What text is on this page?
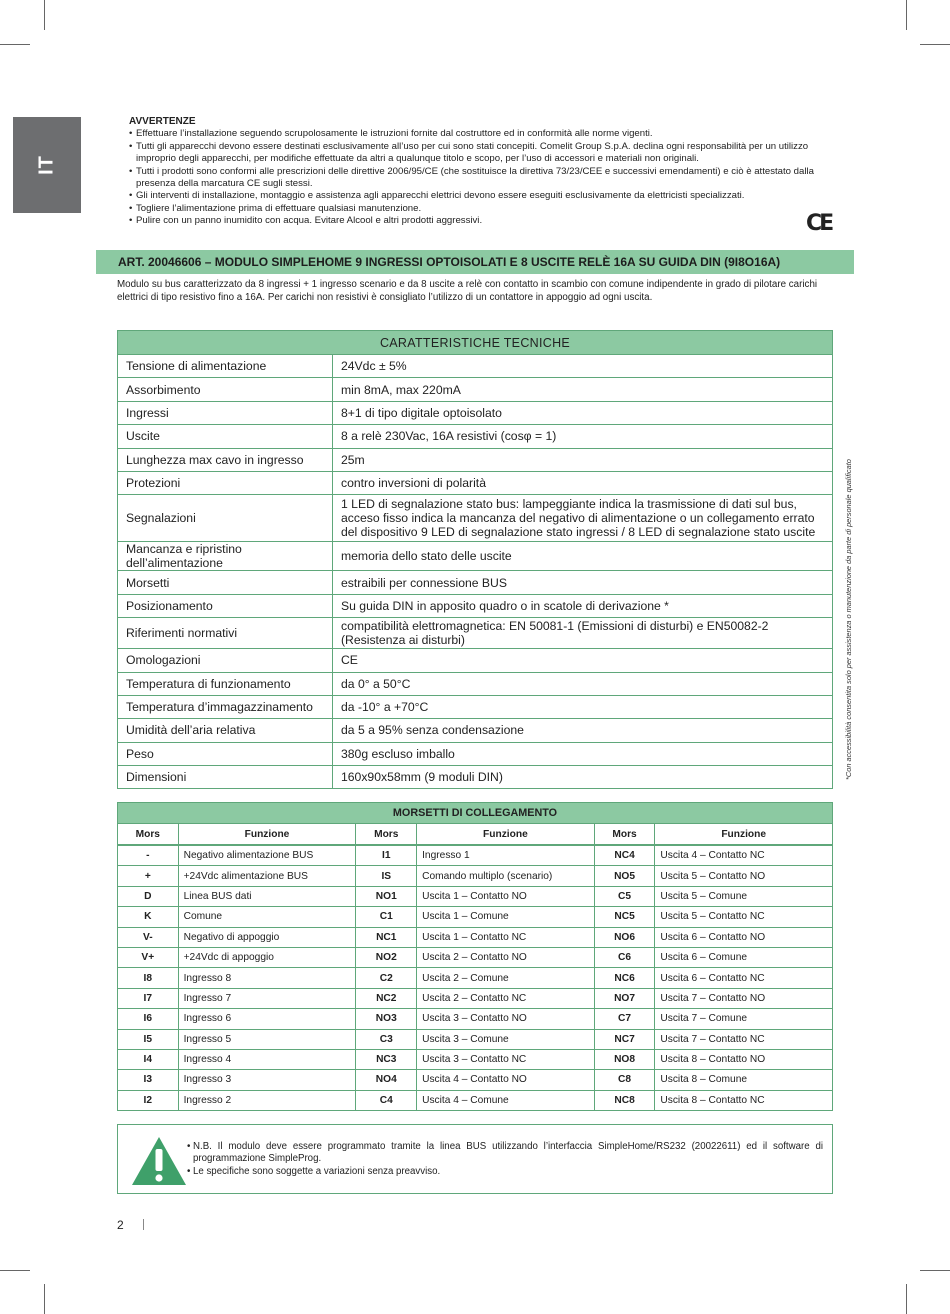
IT
AVVERTENZE
• Effettuare l’installazione seguendo scrupolosamente le istruzioni fornite dal costruttore ed in conformità alle norme vigenti.
• Tutti gli apparecchi devono essere destinati esclusivamente all’uso per cui sono stati concepiti. Comelit Group S.p.A. declina ogni responsabilità per un utilizzo improprio degli apparecchi, per modifiche effettuate da altri a qualunque titolo e scopo, per l’uso di accessori e materiali non originali.
• Tutti i prodotti sono conformi alle prescrizioni delle direttive 2006/95/CE (che sostituisce la direttiva 73/23/CEE e successivi emendamenti) e ciò è attestato dalla presenza della marcatura CE sugli stessi.
• Gli interventi di installazione, montaggio e assistenza agli apparecchi elettrici devono essere eseguiti esclusivamente da elettricisti specializzati.
• Togliere l’alimentazione prima di effettuare qualsiasi manutenzione.
• Pulire con un panno inumidito con acqua. Evitare Alcool e altri prodotti aggressivi.	CE
ART. 20046606 – MODULO SIMPLEHOME 9 INGRESSI OPTOISOLATI E 8 USCITE RELÈ 16A SU GUIDA DIN (9I8O16A)
Modulo su bus caratterizzato da 8 ingressi + 1 ingresso scenario e da 8 uscite a relè con contatto in scambio con comune indipendente in grado di pilotare carichi elettrici di tipo resistivo fino a 16A. Per carichi non resistivi è consigliato l’utilizzo di un contattore in appoggio ad ogni uscita.
CARATTERISTICHE TECNICHE	
Tensione di alimentazione	24Vdc ± 5%
Assorbimento	min 8mA, max 220mA
Ingressi	8+1 di tipo digitale optoisolato
Uscite	8 a relè 230Vac, 16A resistivi (cosφ = 1)
Lunghezza max cavo in ingresso	25m
Protezioni	contro inversioni di polarità
Segnalazioni	1 LED di segnalazione stato bus: lampeggiante indica la trasmissione di dati sul bus, acceso fisso indica la mancanza del negativo di alimentazione o un collegamento errato del dispositivo 9 LED di segnalazione stato ingressi / 8 LED di segnalazione stato uscite
Mancanza e ripristino dell’alimentazione	memoria dello stato delle uscite
Morsetti	estraibili per connessione BUS
Posizionamento	Su guida DIN in apposito quadro o in scatole di derivazione *
Riferimenti normativi	compatibilità elettromagnetica: EN 50081-1 (Emissioni di disturbi) e EN50082-2 (Resistenza ai disturbi)
Omologazioni	CE
Temperatura di funzionamento	da 0° a 50°C
Temperatura d’immagazzinamento	da -10° a +70°C
Umidità dell’aria relativa	da 5 a 95% senza condensazione
Peso	380g escluso imballo
Dimensioni	160x90x58mm (9 moduli DIN)	*Con accessibilità consentita solo per assistenza o manutenzione da parte di personale qualificato
MORSETTI DI COLLEGAMENTO					
Mors	Funzione	Mors	Funzione	Mors	Funzione
-	Negativo alimentazione BUS	I1	Ingresso 1	NC4	Uscita 4 – Contatto NC
+	+24Vdc alimentazione BUS	IS	Comando multiplo (scenario)	NO5	Uscita 5 – Contatto NO
D	Linea BUS dati	NO1	Uscita 1 – Contatto NO	C5	Uscita 5 – Comune
K	Comune	C1	Uscita 1 – Comune	NC5	Uscita 5 – Contatto NC
V-	Negativo di appoggio	NC1	Uscita 1 – Contatto NC	NO6	Uscita 6 – Contatto NO
V+	+24Vdc di appoggio	NO2	Uscita 2 – Contatto NO	C6	Uscita 6 – Comune
I8	Ingresso 8	C2	Uscita 2 – Comune	NC6	Uscita 6 – Contatto NC
I7	Ingresso 7	NC2	Uscita 2 – Contatto NC	NO7	Uscita 7 – Contatto NO
I6	Ingresso 6	NO3	Uscita 3 – Contatto NO	C7	Uscita 7 – Comune
I5	Ingresso 5	C3	Uscita 3 – Comune	NC7	Uscita 7 – Contatto NC
I4	Ingresso 4	NC3	Uscita 3 – Contatto NC	NO8	Uscita 8 – Contatto NO
I3	Ingresso 3	NO4	Uscita 4 – Contatto NO	C8	Uscita 8 – Comune
I2	Ingresso 2	C4	Uscita 4 – Comune	NC8	Uscita 8 – Contatto NC
• N.B. Il modulo deve essere programmato tramite la linea BUS utilizzando l’interfaccia SimpleHome/RS232 (20022611) ed il software di programmazione SimpleProg.
• Le specifiche sono soggette a variazioni senza preavviso.
2
